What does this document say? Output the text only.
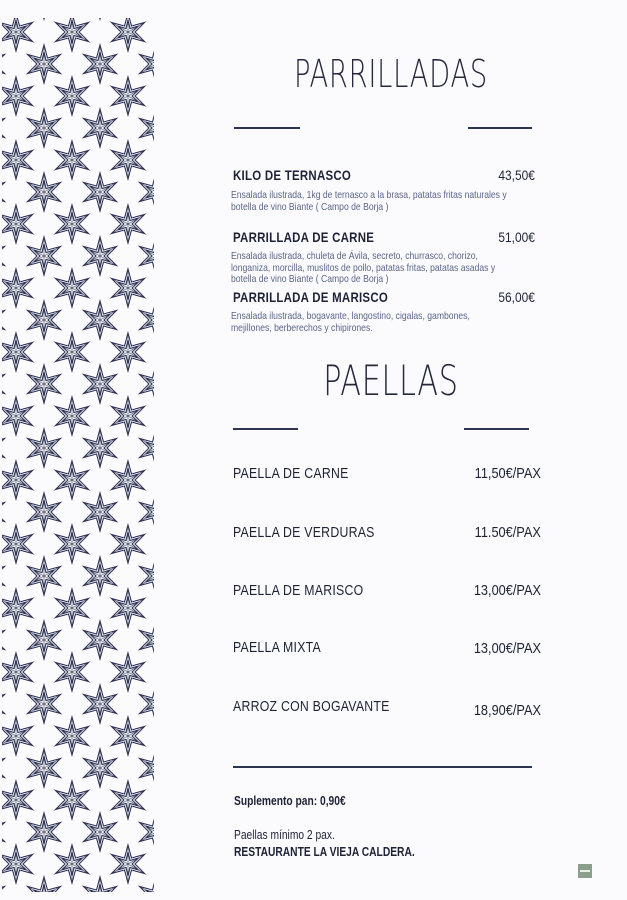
PARRILLADAS
KILO DE TERNASCO	43,50€
Ensalada ilustrada, 1kg de ternasco a la brasa, patatas fritas naturales y botella de vino Biante ( Campo de Borja )
PARRILLADA DE CARNE	51,00€
Ensalada ilustrada, chuleta de Ávila, secreto, churrasco, chorizo, longaniza, morcilla, muslitos de pollo, patatas fritas, patatas asadas y botella de vino Biante ( Campo de Borja )
PARRILLADA DE MARISCO	56,00€
Ensalada ilustrada, bogavante, langostino, cigalas, gambones, mejillones, berberechos y chipirones.
PAELLAS
PAELLA DE CARNE	11,50€/PAX
PAELLA DE VERDURAS	11.50€/PAX
PAELLA DE MARISCO	13,00€/PAX
PAELLA MIXTA	13,00€/PAX
ARROZ CON BOGAVANTE	18,90€/PAX
Suplemento pan: 0,90€
Paellas mínimo 2 pax.
RESTAURANTE LA VIEJA CALDERA.
